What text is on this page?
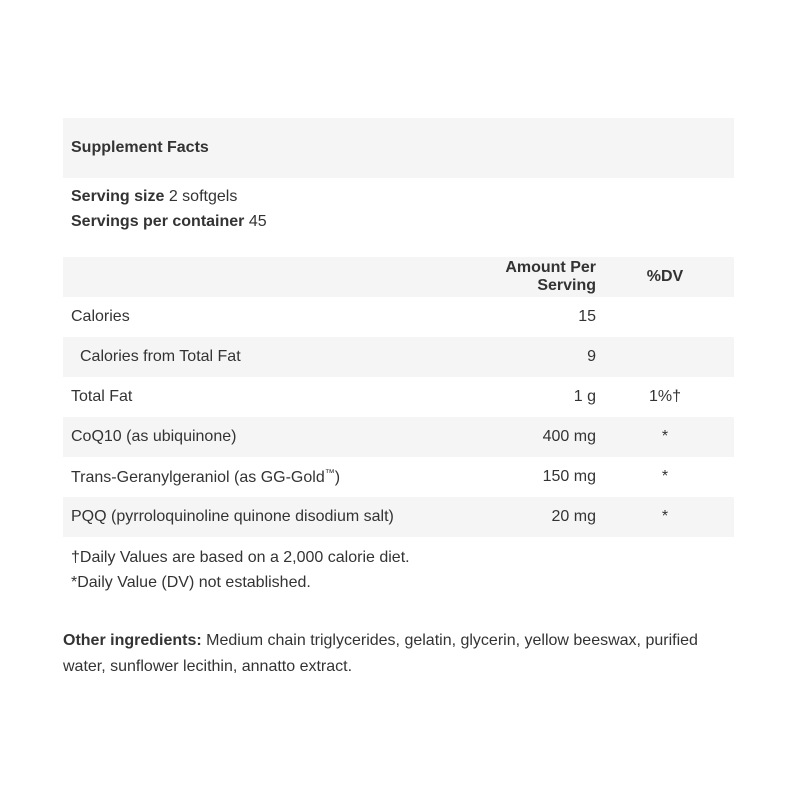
Supplement Facts
Serving size 2 softgels
Servings per container 45
	Amount Per Serving	%DV
Calories	15	
Calories from Total Fat	9	
Total Fat	1 g	1%†
CoQ10 (as ubiquinone)	400 mg	*
Trans-Geranylgeraniol (as GG-Gold™)	150 mg	*
PQQ (pyrroloquinoline quinone disodium salt)	20 mg	*
†Daily Values are based on a 2,000 calorie diet.
*Daily Value (DV) not established.
Other ingredients: Medium chain triglycerides, gelatin, glycerin, yellow beeswax, purified water, sunflower lecithin, annatto extract.
